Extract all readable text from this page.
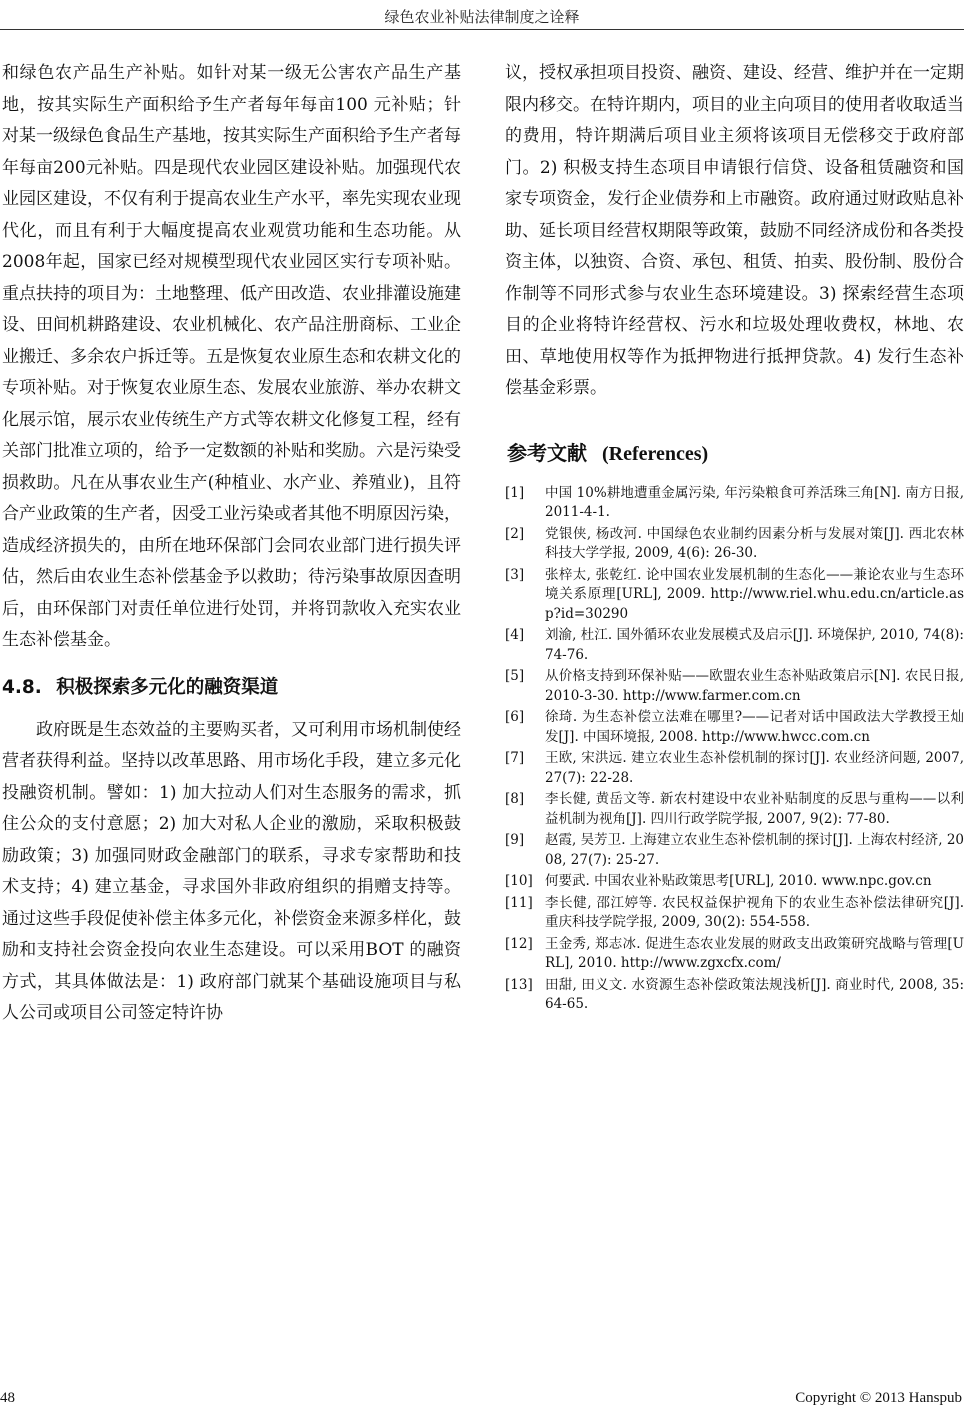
绿色农业补贴法律制度之诠释

和绿色农产品生产补贴。如针对某一级无公害农产品生产基地，按其实际生产面积给予生产者每年每亩100 元补贴；针对某一级绿色食品生产基地，按其实际生产面积给予生产者每年每亩200元补贴。四是现代农业园区建设补贴。加强现代农业园区建设，不仅有利于提高农业生产水平，率先实现农业现代化，而且有利于大幅度提高农业观赏功能和生态功能。从2008年起，国家已经对规模型现代农业园区实行专项补贴。重点扶持的项目为：土地整理、低产田改造、农业排灌设施建设、田间机耕路建设、农业机械化、农产品注册商标、工业企业搬迁、多余农户拆迁等。五是恢复农业原生态和农耕文化的专项补贴。对于恢复农业原生态、发展农业旅游、举办农耕文化展示馆，展示农业传统生产方式等农耕文化修复工程，经有关部门批准立项的，给予一定数额的补贴和奖励。六是污染受损救助。凡在从事农业生产(种植业、水产业、养殖业)，且符合产业政策的生产者，因受工业污染或者其他不明原因污染，造成经济损失的，由所在地环保部门会同农业部门进行损失评估，然后由农业生态补偿基金予以救助；待污染事故原因查明后，由环保部门对责任单位进行处罚，并将罚款收入充实农业生态补偿基金。

4.8. 积极探索多元化的融资渠道

政府既是生态效益的主要购买者，又可利用市场机制使经营者获得利益。坚持以改革思路、用市场化手段，建立多元化投融资机制。譬如：1) 加大拉动人们对生态服务的需求，抓住公众的支付意愿；2) 加大对私人企业的激励，采取积极鼓励政策；3) 加强同财政金融部门的联系，寻求专家帮助和技术支持；4) 建立基金，寻求国外非政府组织的捐赠支持等。通过这些手段促使补偿主体多元化，补偿资金来源多样化，鼓励和支持社会资金投向农业生态建设。可以采用BOT 的融资方式，其具体做法是：1) 政府部门就某个基础设施项目与私人公司或项目公司签定特许协

议，授权承担项目投资、融资、建设、经营、维护并在一定期限内移交。在特许期内，项目的业主向项目的使用者收取适当的费用，特许期满后项目业主须将该项目无偿移交于政府部门。2) 积极支持生态项目申请银行信贷、设备租赁融资和国家专项资金，发行企业债券和上市融资。政府通过财政贴息补助、延长项目经营权期限等政策，鼓励不同经济成份和各类投资主体，以独资、合资、承包、租赁、拍卖、股份制、股份合作制等不同形式参与农业生态环境建设。3) 探索经营生态项目的企业将特许经营权、污水和垃圾处理收费权，林地、农田、草地使用权等作为抵押物进行抵押贷款。4) 发行生态补偿基金彩票。

参考文献 (References)
[1]	中国 10%耕地遭重金属污染, 年污染粮食可养活珠三角[N]. 南方日报, 2011-4-1.
[2]	党银侠, 杨改河. 中国绿色农业制约因素分析与发展对策[J]. 西北农林科技大学学报, 2009, 4(6): 26-30.
[3]	张梓太, 张乾红. 论中国农业发展机制的生态化——兼论农业与生态环境关系原理[URL], 2009. http://www.riel.whu.edu.cn/article.asp?id=30290
[4]	刘渝, 杜江. 国外循环农业发展模式及启示[J]. 环境保护, 2010, 74(8): 74-76.
[5]	从价格支持到环保补贴——欧盟农业生态补贴政策启示[N]. 农民日报, 2010-3-30. http://www.farmer.com.cn
[6]	徐琦. 为生态补偿立法难在哪里?——记者对话中国政法大学教授王灿发[J]. 中国环境报, 2008. http://www.hwcc.com.cn
[7]	王欧, 宋洪远. 建立农业生态补偿机制的探讨[J]. 农业经济问题, 2007, 27(7): 22-28.
[8]	李长健, 黄岳文等. 新农村建设中农业补贴制度的反思与重构——以利益机制为视角[J]. 四川行政学院学报, 2007, 9(2): 77-80.
[9]	赵霞, 吴芳卫. 上海建立农业生态补偿机制的探讨[J]. 上海农村经济, 2008, 27(7): 25-27.
[10] 何要武. 中国农业补贴政策思考[URL], 2010. www.npc.gov.cn
[11] 李长健, 邵江婷等. 农民权益保护视角下的农业生态补偿法律研究[J]. 重庆科技学院学报, 2009, 30(2): 554-558.
[12] 王金秀, 郑志冰. 促进生态农业发展的财政支出政策研究战略与管理[URL], 2010. http://www.zgxcfx.com/
[13] 田甜, 田义文. 水资源生态补偿政策法规浅析[J]. 商业时代, 2008, 35: 64-65.
48	Copyright © 2013 Hanspub
